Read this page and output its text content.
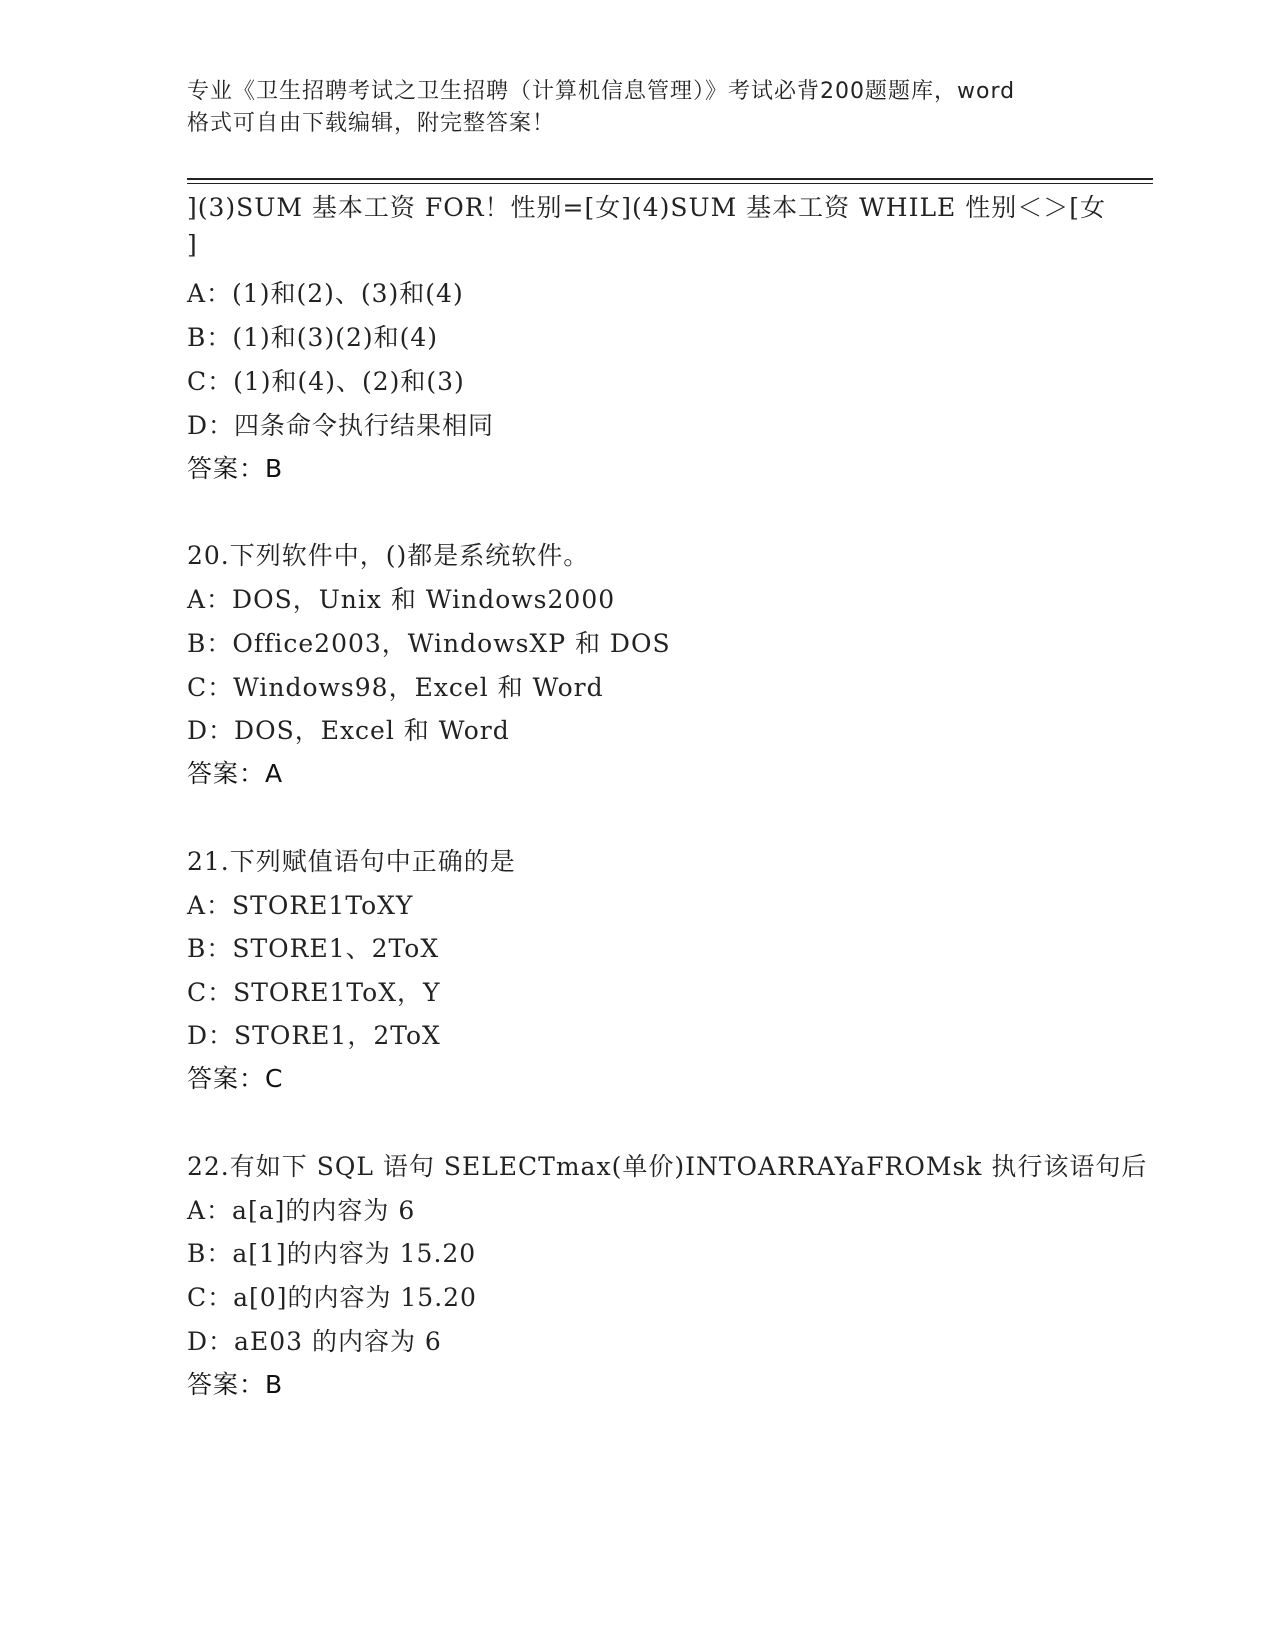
专业《卫生招聘考试之卫生招聘（计算机信息管理）》考试必背200题题库，word
格式可自由下载编辑，附完整答案！
](3)SUM 基本工资 FOR！性别=[女](4)SUM 基本工资 WHILE 性别＜＞[女
]
A：(1)和(2)、(3)和(4)
B：(1)和(3)(2)和(4)
C：(1)和(4)、(2)和(3)
D：四条命令执行结果相同
答案：B
20.下列软件中，()都是系统软件。
A：DOS，Unix 和 Windows2000
B：Office2003，WindowsXP 和 DOS
C：Windows98，Excel 和 Word
D：DOS，Excel 和 Word
答案：A
21.下列赋值语句中正确的是
A：STORE1ToXY
B：STORE1、2ToX
C：STORE1ToX，Y
D：STORE1，2ToX
答案：C
22.有如下 SQL 语句 SELECTmax(单价)INTOARRAYaFROMsk 执行该语句后
A：a[a]的内容为 6
B：a[1]的内容为 15.20
C：a[0]的内容为 15.20
D：aE03 的内容为 6
答案：B
